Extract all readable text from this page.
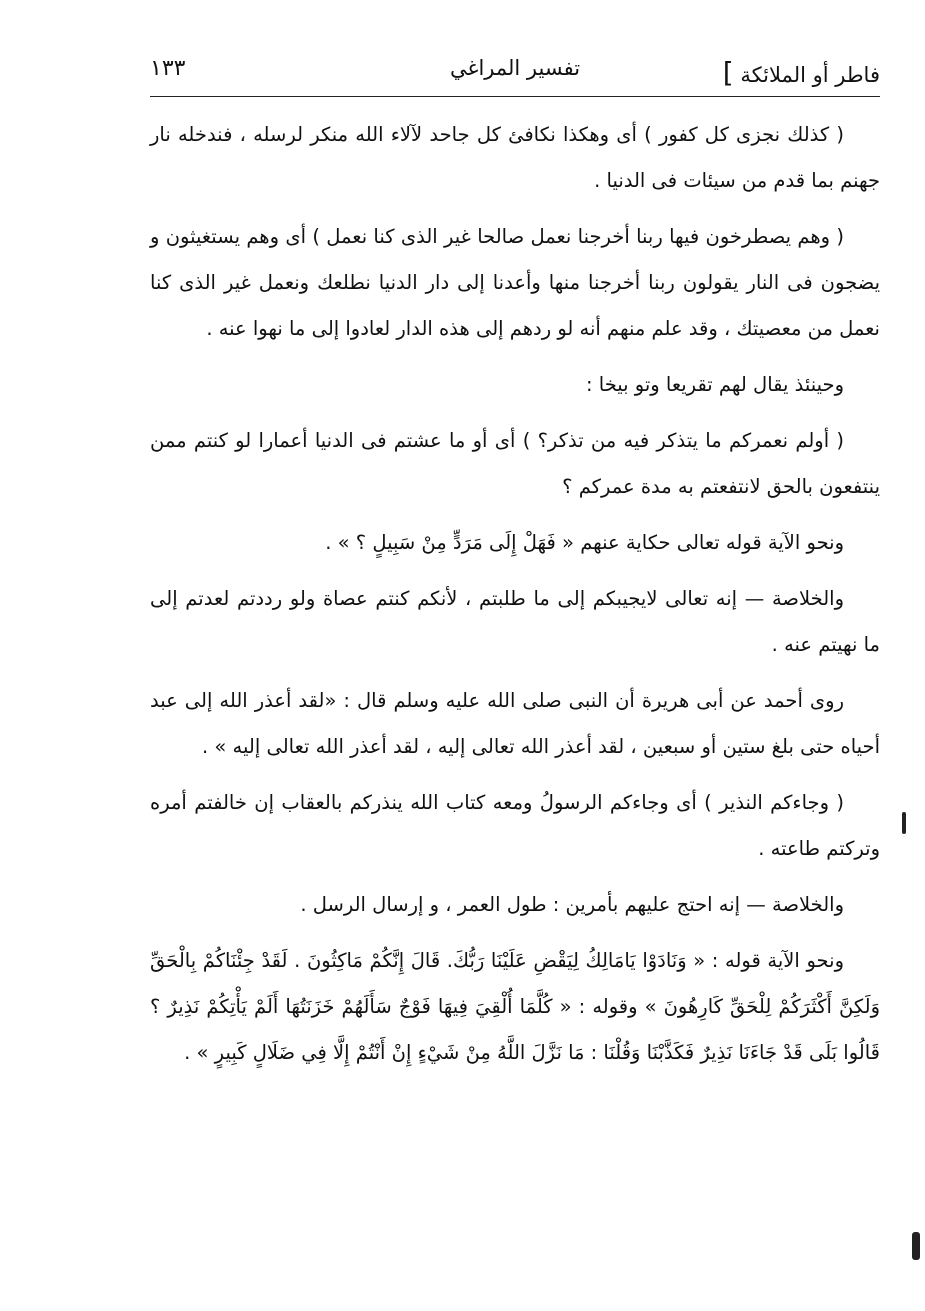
فاطر أو الملائكة ]
تفسير المراغي
١٣٣

( كذلك نجزى كل كفور ) أى وهكذا نكافئ كل جاحد لآلاء الله منكر لرسله ، فندخله نار جهنم بما قدم من سيئات فى الدنيا .

( وهم يصطرخون فيها ربنا أخرجنا نعمل صالحا غير الذى كنا نعمل ) أى وهم يستغيثون و يضجون فى النار يقولون ربنا أخرجنا منها وأعدنا إلى دار الدنيا نطلعك ونعمل غير الذى كنا نعمل من معصيتك ، وقد علم منهم أنه لو ردهم إلى هذه الدار لعادوا إلى ما نهوا عنه .

وحينئذ يقال لهم تقريعا وتو بيخا :

( أولم نعمركم ما يتذكر فيه من تذكر؟ ) أى أو ما عشتم فى الدنيا أعمارا لو كنتم ممن ينتفعون بالحق لانتفعتم به مدة عمركم ؟

ونحو الآية قوله تعالى حكاية عنهم « فَهَلْ إِلَى مَرَدٍّ مِنْ سَبِيلٍ ؟ » .

والخلاصة — إنه تعالى لايجيبكم إلى ما طلبتم ، لأنكم كنتم عصاة ولو رددتم لعدتم إلى ما نهيتم عنه .

روى أحمد عن أبى هريرة أن النبى صلى الله عليه وسلم قال : «لقد أعذر الله إلى عبد أحياه حتى بلغ ستين أو سبعين ، لقد أعذر الله تعالى إليه ، لقد أعذر الله تعالى إليه » .

( وجاءكم النذير ) أى وجاءكم الرسولُ ومعه كتاب الله ينذركم بالعقاب إن خالفتم أمره وتركتم طاعته .

والخلاصة — إنه احتج عليهم بأمرين : طول العمر ، و إرسال الرسل .

ونحو الآية قوله : « وَنَادَوْا يَامَالِكُ لِيَقْضِ عَلَيْنَا رَبُّكَ. قَالَ إِنَّكُمْ مَاكِثُونَ . لَقَدْ جِئْنَاكُمْ بِالْحَقِّ وَلَكِنَّ أَكْثَرَكُمْ لِلْحَقِّ كَارِهُونَ » وقوله : « كُلَّمَا أُلْقِيَ فِيهَا فَوْجٌ سَأَلَهُمْ خَزَنَتُهَا أَلَمْ يَأْتِكُمْ نَذِيرٌ ؟ قَالُوا بَلَى قَدْ جَاءَنَا نَذِيرٌ فَكَذَّبْنَا وَقُلْنَا : مَا نَزَّلَ اللَّهُ مِنْ شَيْءٍ إِنْ أَنْتُمْ إِلَّا فِي ضَلَالٍ كَبِيرٍ » .
